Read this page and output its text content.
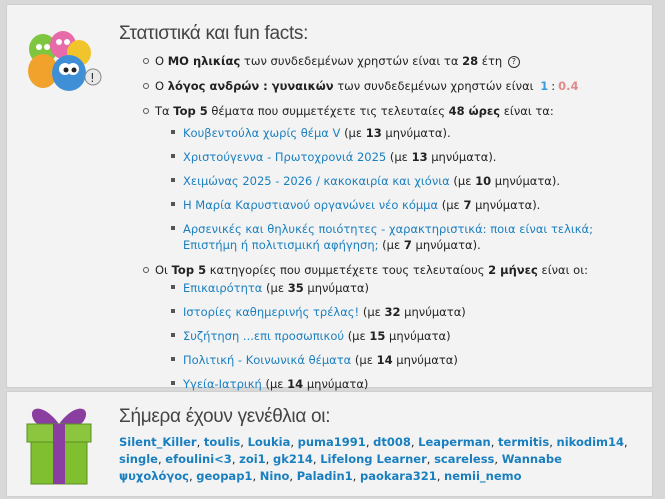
!
Στατιστικά και fun facts:
Ο ΜΟ ηλικίας των συνδεδεμένων χρηστών είναι τα 28 έτη ?
Ο λόγος ανδρών : γυναικών των συνδεδεμένων χρηστών είναι 1 : 0.4
Τα Top 5 θέματα που συμμετέχετε τις τελευταίες 48 ώρες είναι τα:
Κουβεντούλα χωρίς θέμα V (με 13 μηνύματα).
Χριστούγεννα - Πρωτοχρονιά 2025 (με 13 μηνύματα).
Χειμώνας 2025 - 2026 / κακοκαιρία και χιόνια (με 10 μηνύματα).
Η Μαρία Καρυστιανού οργανώνει νέο κόμμα (με 7 μηνύματα).
Αρσενικές και θηλυκές ποιότητες - χαρακτηριστικά: ποια είναι τελικά; Επιστήμη ή πολιτισμική αφήγηση; (με 7 μηνύματα).
Οι Top 5 κατηγορίες που συμμετέχετε τους τελευταίους 2 μήνες είναι οι:
Επικαιρότητα (με 35 μηνύματα)
Ιστορίες καθημερινής τρέλας! (με 32 μηνύματα)
Συζήτηση ...επι προσωπικού (με 15 μηνύματα)
Πολιτική - Κοινωνικά θέματα (με 14 μηνύματα)
Υγεία-Ιατρική (με 14 μηνύματα)
Σήμερα έχουν γενέθλια οι:
Silent_Killer, toulis, Loukia, puma1991, dt008, Leaperman, termitis, nikodim14, single, efoulini<3, zoi1, gk214, Lifelong Learner, scareless, Wannabe ψυχολόγος, geopap1, Nino, Paladin1, paokara321, nemii_nemo
